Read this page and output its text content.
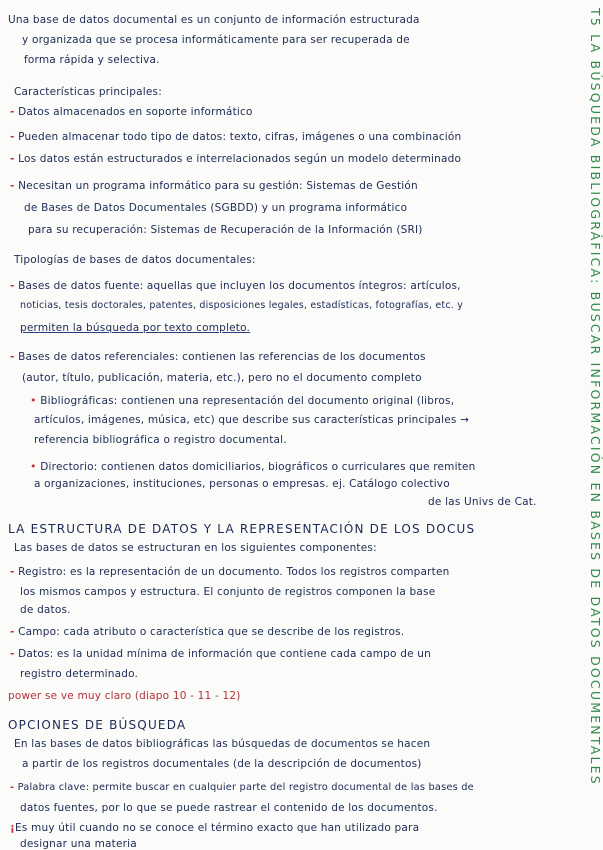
Una base de datos documental es un conjunto de información estructurada
y organizada que se procesa informáticamente para ser recuperada de
forma rápida y selectiva.
Características principales:
- Datos almacenados en soporte informático
- Pueden almacenar todo tipo de datos: texto, cifras, imágenes o una combinación
- Los datos están estructurados e interrelacionados según un modelo determinado
- Necesitan un programa informático para su gestión: Sistemas de Gestión
de Bases de Datos Documentales (SGBDD) y un programa informático
para su recuperación: Sistemas de Recuperación de la Información (SRI)
Tipologías de bases de datos documentales:
- Bases de datos fuente: aquellas que incluyen los documentos íntegros: artículos,
noticias, tesis doctorales, patentes, disposiciones legales, estadísticas, fotografías, etc. y
permiten la búsqueda por texto completo.
- Bases de datos referenciales: contienen las referencias de los documentos
(autor, título, publicación, materia, etc.), pero no el documento completo
• Bibliográficas: contienen una representación del documento original (libros,
artículos, imágenes, música, etc) que describe sus características principales →
referencia bibliográfica o registro documental.
• Directorio: contienen datos domiciliarios, biográficos o curriculares que remiten
a organizaciones, instituciones, personas o empresas. ej. Catálogo colectivo
de las Univs de Cat.
LA ESTRUCTURA DE DATOS Y LA REPRESENTACIÓN DE LOS DOCUS
Las bases de datos se estructuran en los siguientes componentes:
- Registro: es la representación de un documento. Todos los registros comparten
los mismos campos y estructura. El conjunto de registros componen la base
de datos.
- Campo: cada atributo o característica que se describe de los registros.
- Datos: es la unidad mínima de información que contiene cada campo de un
registro determinado.
power se ve muy claro (diapo 10 - 11 - 12)
OPCIONES DE BÚSQUEDA
En las bases de datos bibliográficas las búsquedas de documentos se hacen
a partir de los registros documentales (de la descripción de documentos)
- Palabra clave: permite buscar en cualquier parte del registro documental de las bases de
datos fuentes, por lo que se puede rastrear el contenido de los documentos.
¡Es muy útil cuando no se conoce el término exacto que han utilizado para
designar una materia
T5 LA BÚSQUEDA BIBLIOGRÁFICA: BUSCAR INFORMACIÓN EN BASES DE DATOS DOCUMENTALES
